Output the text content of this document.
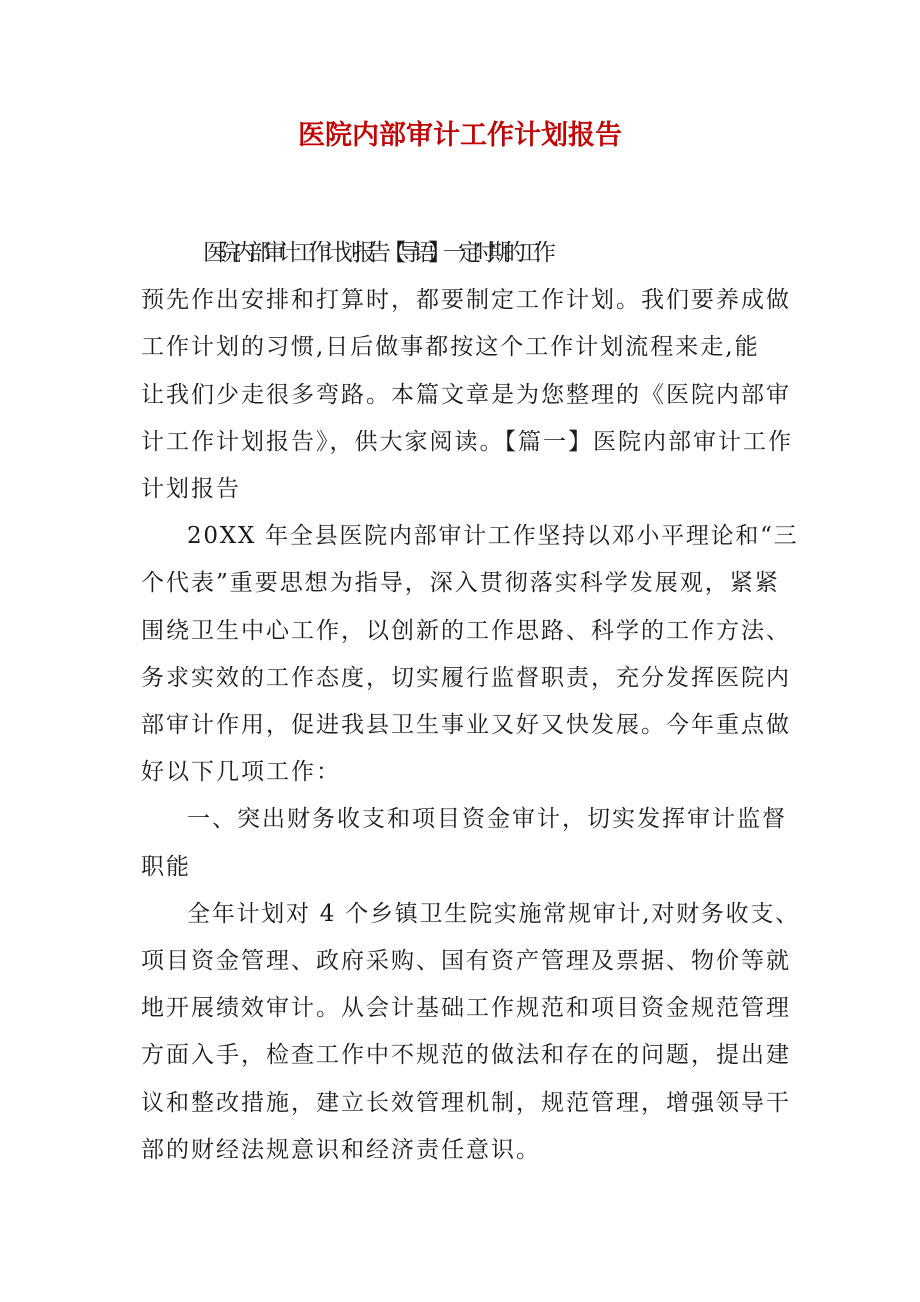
医院内部审计工作计划报告
医院内部审计工作计划报告【导语】一定时期的工作
预先作出安排和打算时，都要制定工作计划。我们要养成做
工作计划的习惯,日后做事都按这个工作计划流程来走,能
让我们少走很多弯路。本篇文章是为您整理的《医院内部审
计工作计划报告》，供大家阅读。【篇一】医院内部审计工作
计划报告
20XX 年全县医院内部审计工作坚持以邓小平理论和“三
个代表”重要思想为指导，深入贯彻落实科学发展观，紧紧
围绕卫生中心工作，以创新的工作思路、科学的工作方法、
务求实效的工作态度，切实履行监督职责，充分发挥医院内
部审计作用，促进我县卫生事业又好又快发展。今年重点做
好以下几项工作：
一、突出财务收支和项目资金审计，切实发挥审计监督
职能
全年计划对 4 个乡镇卫生院实施常规审计,对财务收支、
项目资金管理、政府采购、国有资产管理及票据、物价等就
地开展绩效审计。从会计基础工作规范和项目资金规范管理
方面入手，检查工作中不规范的做法和存在的问题，提出建
议和整改措施，建立长效管理机制，规范管理，增强领导干
部的财经法规意识和经济责任意识。
